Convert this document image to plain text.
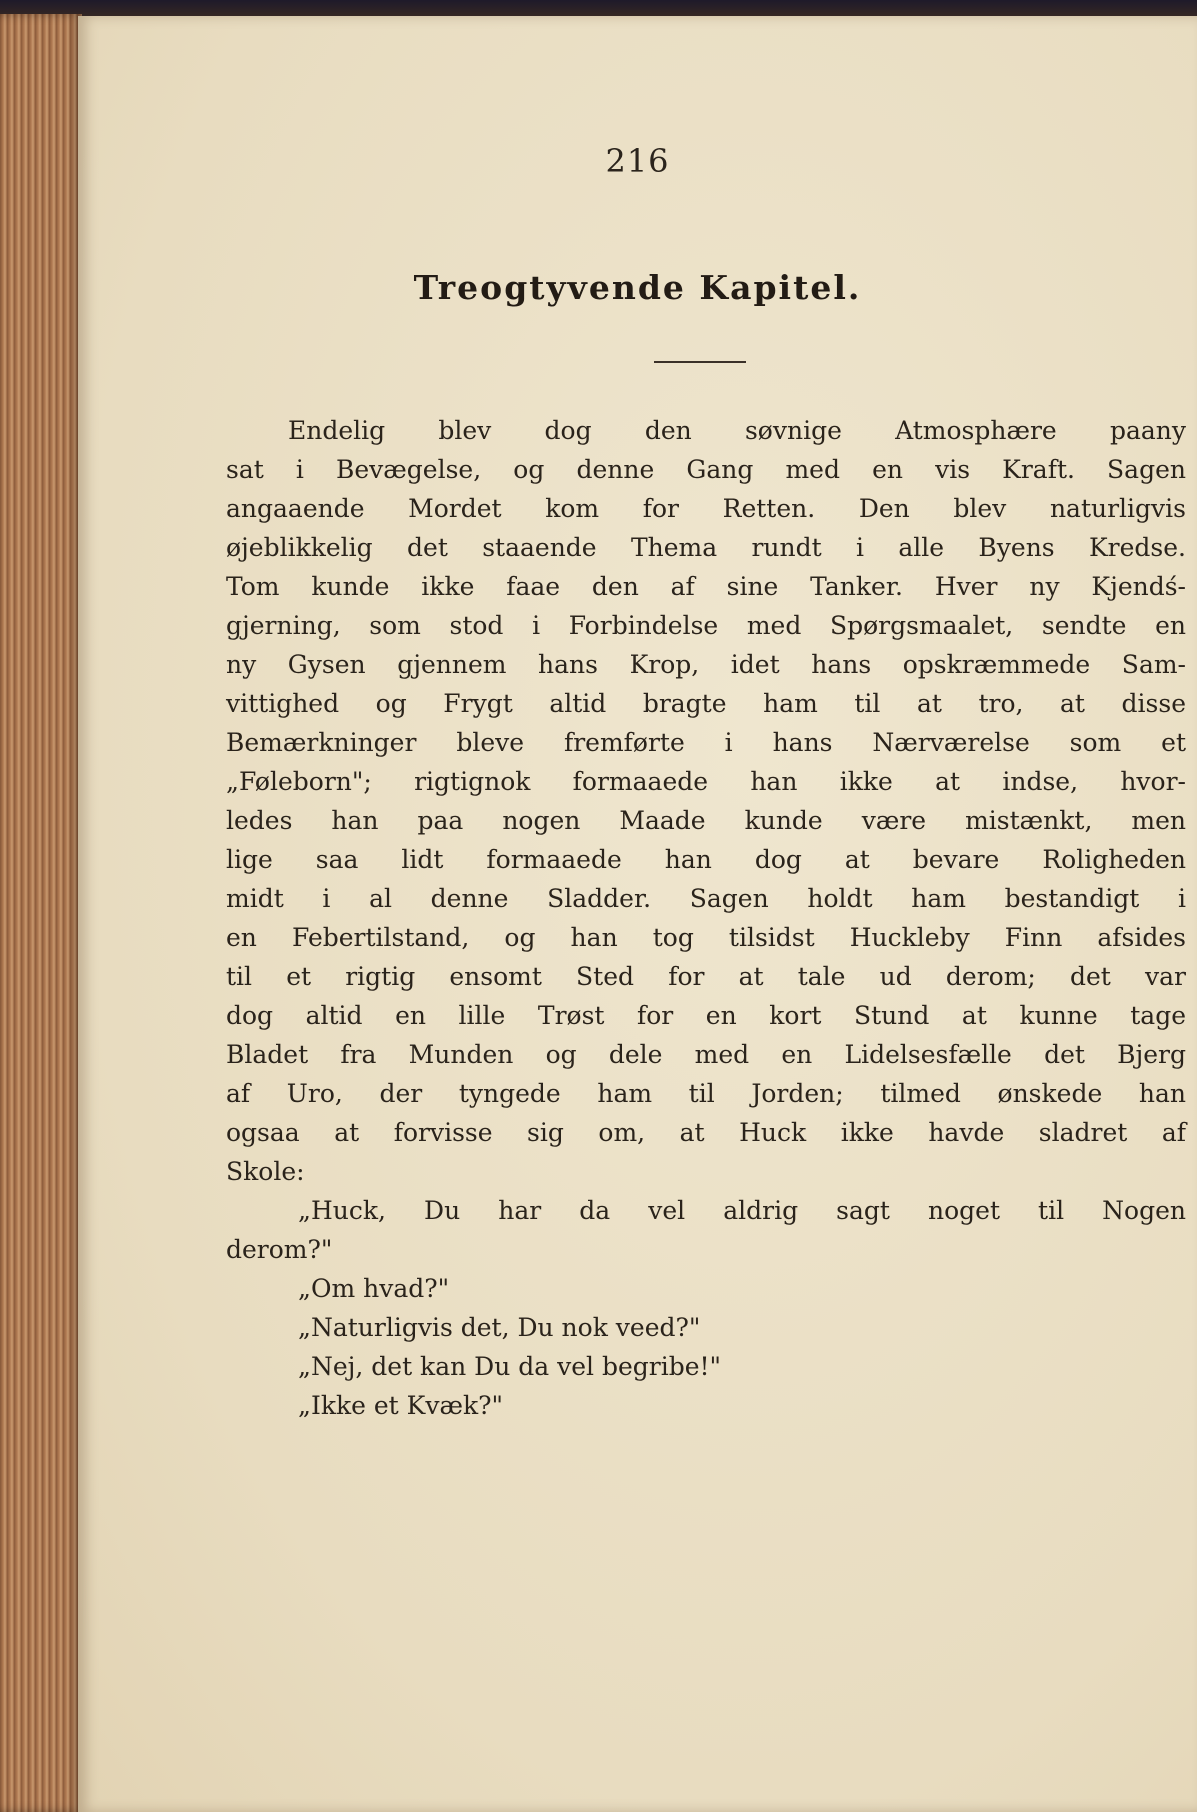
216
Treogtyvende Kapitel.
Endelig blev dog den søvnige Atmosphære paany
sat i Bevægelse, og denne Gang med en vis Kraft. Sagen
angaaende Mordet kom for Retten. Den blev naturligvis
øjeblikkelig det staaende Thema rundt i alle Byens Kredse.
Tom kunde ikke faae den af sine Tanker. Hver ny Kjendś-
gjerning, som stod i Forbindelse med Spørgsmaalet, sendte en
ny Gysen gjennem hans Krop, idet hans opskræmmede Sam-
vittighed og Frygt altid bragte ham til at tro, at disse
Bemærkninger bleve fremførte i hans Nærværelse som et
„Føleborn"; rigtignok formaaede han ikke at indse, hvor-
ledes han paa nogen Maade kunde være mistænkt, men
lige saa lidt formaaede han dog at bevare Roligheden
midt i al denne Sladder. Sagen holdt ham bestandigt i
en Febertilstand, og han tog tilsidst Huckleby Finn afsides
til et rigtig ensomt Sted for at tale ud derom; det var
dog altid en lille Trøst for en kort Stund at kunne tage
Bladet fra Munden og dele med en Lidelsesfælle det Bjerg
af Uro, der tyngede ham til Jorden; tilmed ønskede han
ogsaa at forvisse sig om, at Huck ikke havde sladret af
Skole:
„Huck, Du har da vel aldrig sagt noget til Nogen
derom?"
„Om hvad?"
„Naturligvis det, Du nok veed?"
„Nej, det kan Du da vel begribe!"
„Ikke et Kvæk?"
